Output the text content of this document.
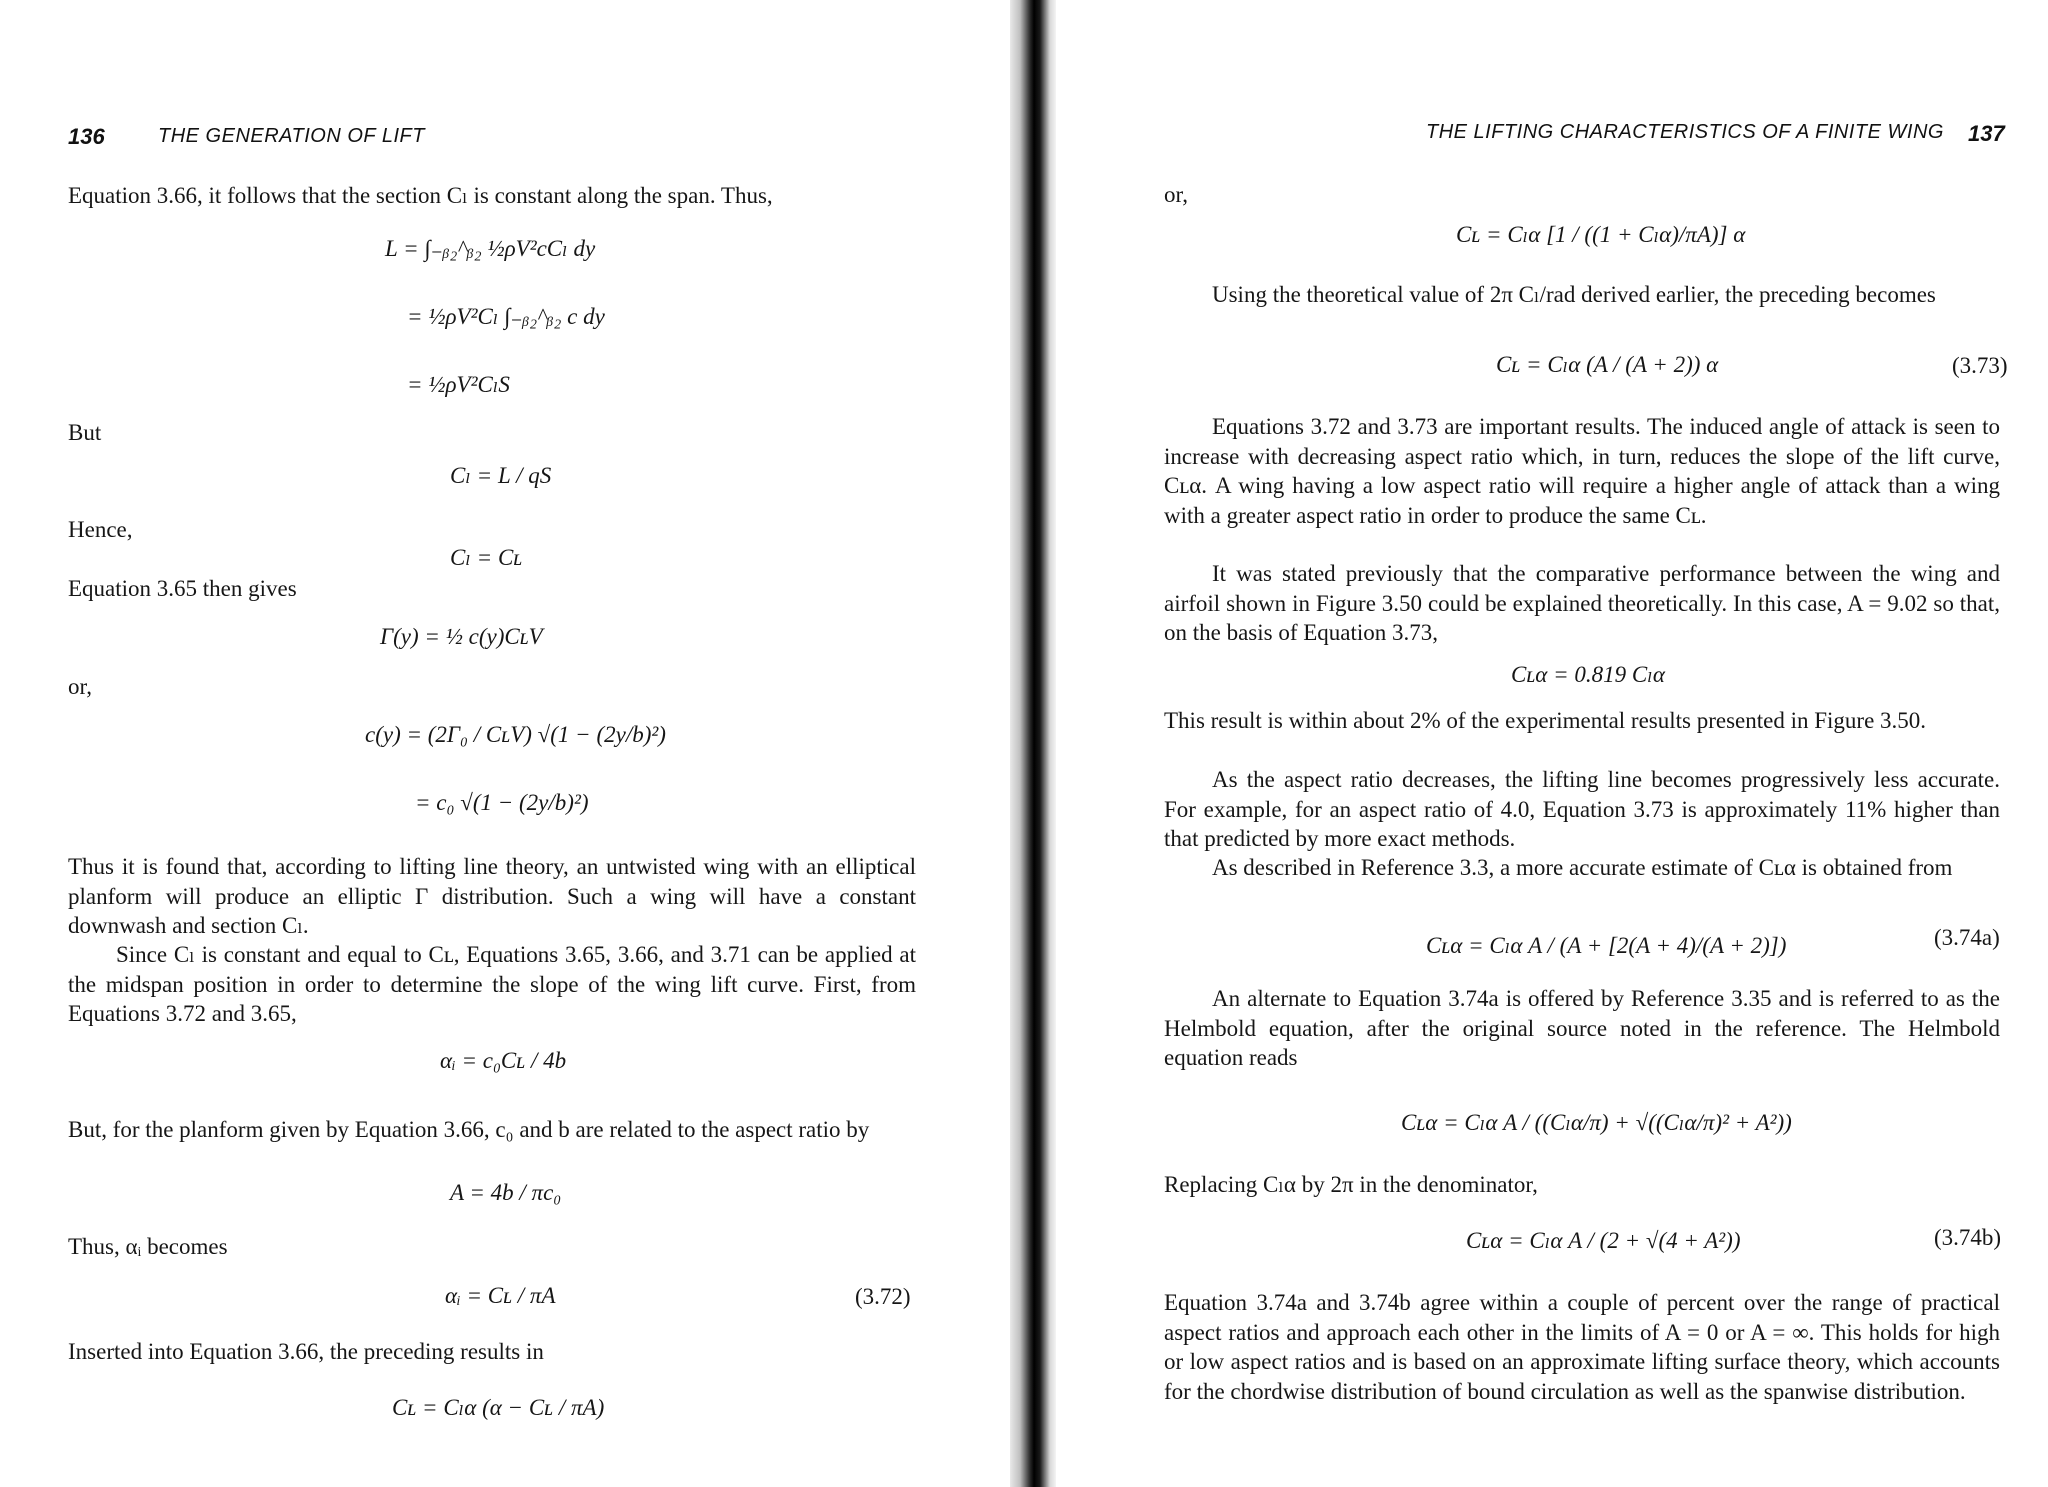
136	THE GENERATION OF LIFT
Equation 3.66, it follows that the section Cₗ is constant along the span. Thus,
L = ∫₋ᵦ₂^ᵦ₂ ½ρV²cCₗ dy
= ½ρV²Cₗ ∫₋ᵦ₂^ᵦ₂ c dy
= ½ρV²CₗS
But
Cₗ = L / qS
Hence,
Cₗ = Cʟ
Equation 3.65 then gives
Γ(y) = ½ c(y)CʟV
or,
c(y) = (2Γ₀ / CʟV) √(1 − (2y/b)²)
= c₀ √(1 − (2y/b)²)
Thus it is found that, according to lifting line theory, an untwisted wing with an elliptical planform will produce an elliptic Γ distribution. Such a wing will have a constant downwash and section Cₗ.
Since Cₗ is constant and equal to Cʟ, Equations 3.65, 3.66, and 3.71 can be applied at the midspan position in order to determine the slope of the wing lift curve. First, from Equations 3.72 and 3.65,
αᵢ = c₀Cʟ / 4b
But, for the planform given by Equation 3.66, c₀ and b are related to the aspect ratio by
A = 4b / πc₀
Thus, αᵢ becomes
αᵢ = Cʟ / πA	(3.72)
Inserted into Equation 3.66, the preceding results in
Cʟ = Cₗα (α − Cʟ / πA)
THE LIFTING CHARACTERISTICS OF A FINITE WING 137
or,
Cʟ = Cₗα [1 / ((1 + Cₗα)/πA)] α
Using the theoretical value of 2π Cₗ/rad derived earlier, the preceding becomes
Cʟ = Cₗα (A / (A + 2)) α	(3.73)
Equations 3.72 and 3.73 are important results. The induced angle of attack is seen to increase with decreasing aspect ratio which, in turn, reduces the slope of the lift curve, Cʟα. A wing having a low aspect ratio will require a higher angle of attack than a wing with a greater aspect ratio in order to produce the same Cʟ.
It was stated previously that the comparative performance between the wing and airfoil shown in Figure 3.50 could be explained theoretically. In this case, A = 9.02 so that, on the basis of Equation 3.73,
Cʟα = 0.819 Cₗα
This result is within about 2% of the experimental results presented in Figure 3.50.
As the aspect ratio decreases, the lifting line becomes progressively less accurate. For example, for an aspect ratio of 4.0, Equation 3.73 is approximately 11% higher than that predicted by more exact methods.
As described in Reference 3.3, a more accurate estimate of Cʟα is obtained from
Cʟα = Cₗα A / (A + [2(A + 4)/(A + 2)])	(3.74a)
An alternate to Equation 3.74a is offered by Reference 3.35 and is referred to as the Helmbold equation, after the original source noted in the reference. The Helmbold equation reads
Cʟα = Cₗα A / ((Cₗα/π) + √((Cₗα/π)² + A²))
Replacing Cₗα by 2π in the denominator,
Cʟα = Cₗα A / (2 + √(4 + A²))	(3.74b)
Equation 3.74a and 3.74b agree within a couple of percent over the range of practical aspect ratios and approach each other in the limits of A = 0 or A = ∞. This holds for high or low aspect ratios and is based on an approximate lifting surface theory, which accounts for the chordwise distribution of bound circulation as well as the spanwise distribution.
